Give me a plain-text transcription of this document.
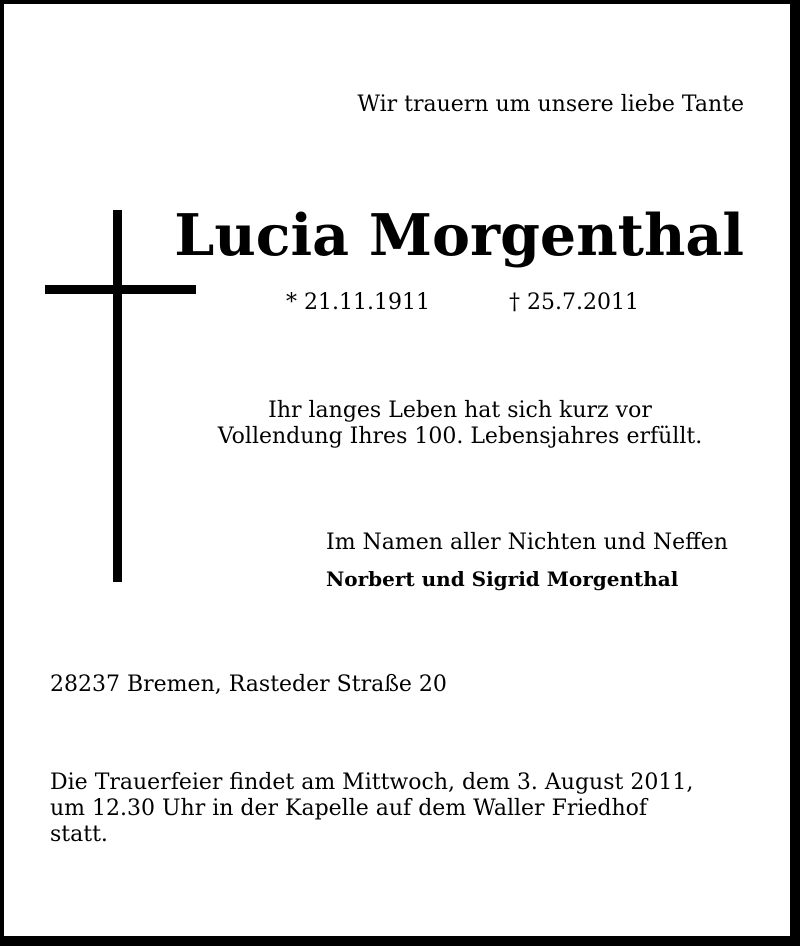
Wir trauern um unsere liebe Tante
Lucia Morgenthal
* 21.11.1911	† 25.7.2011
Ihr langes Leben hat sich kurz vor
Vollendung Ihres 100. Lebensjahres erfüllt.
Im Namen aller Nichten und Neffen
Norbert und Sigrid Morgenthal
28237 Bremen, Rasteder Straße 20
Die Trauerfeier findet am Mittwoch, dem 3. August 2011,
um 12.30 Uhr in der Kapelle auf dem Waller Friedhof
statt.
